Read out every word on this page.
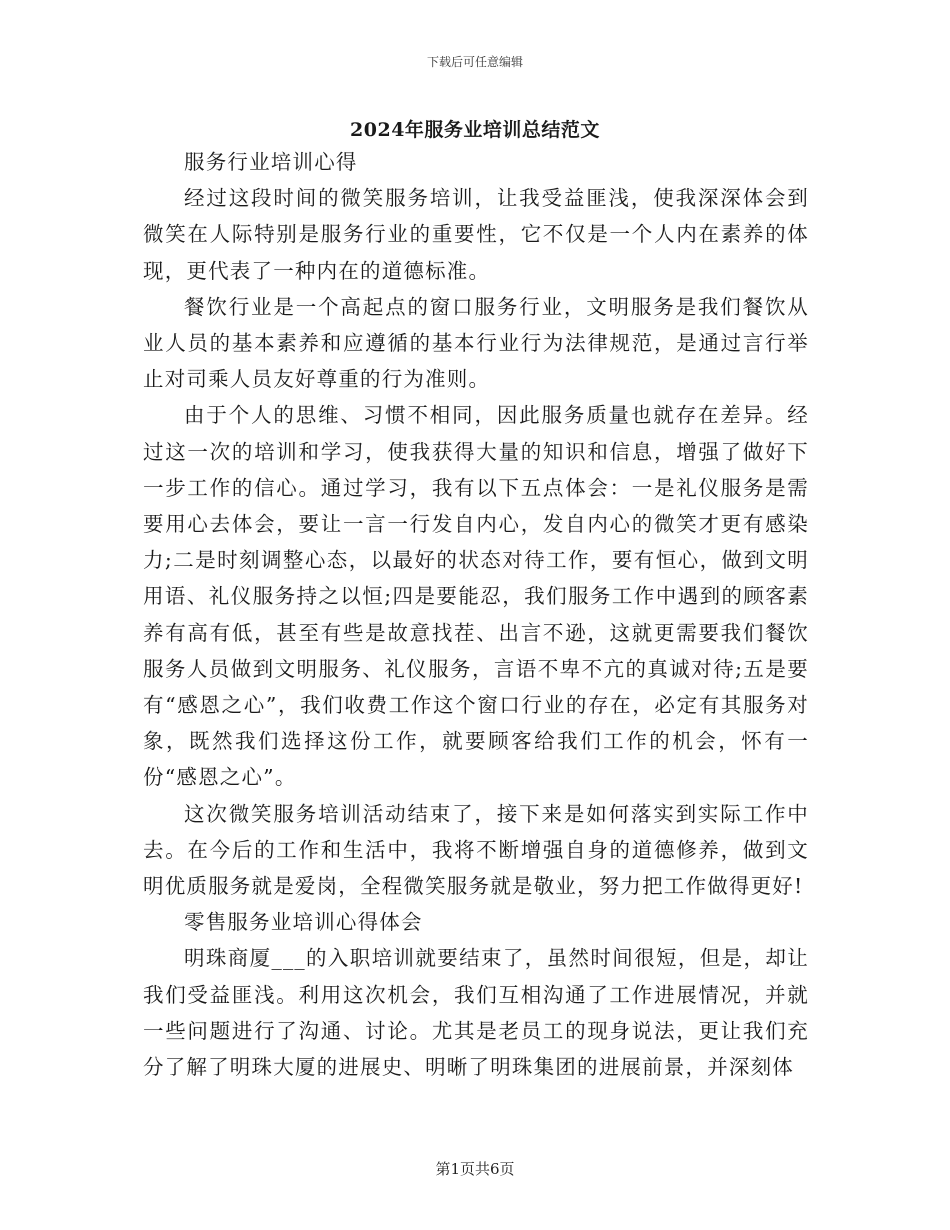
下载后可任意编辑
2024年服务业培训总结范文

服务行业培训心得

经过这段时间的微笑服务培训，让我受益匪浅，使我深深体会到微笑在人际特别是服务行业的重要性，它不仅是一个人内在素养的体现，更代表了一种内在的道德标准。

餐饮行业是一个高起点的窗口服务行业，文明服务是我们餐饮从业人员的基本素养和应遵循的基本行业行为法律规范，是通过言行举止对司乘人员友好尊重的行为准则。

由于个人的思维、习惯不相同，因此服务质量也就存在差异。经过这一次的培训和学习，使我获得大量的知识和信息，增强了做好下一步工作的信心。通过学习，我有以下五点体会：一是礼仪服务是需要用心去体会，要让一言一行发自内心，发自内心的微笑才更有感染力;二是时刻调整心态，以最好的状态对待工作，要有恒心，做到文明用语、礼仪服务持之以恒;四是要能忍，我们服务工作中遇到的顾客素养有高有低，甚至有些是故意找茬、出言不逊，这就更需要我们餐饮服务人员做到文明服务、礼仪服务，言语不卑不亢的真诚对待;五是要有“感恩之心”，我们收费工作这个窗口行业的存在，必定有其服务对象，既然我们选择这份工作，就要顾客给我们工作的机会，怀有一份“感恩之心”。

这次微笑服务培训活动结束了，接下来是如何落实到实际工作中去。在今后的工作和生活中，我将不断增强自身的道德修养，做到文明优质服务就是爱岗，全程微笑服务就是敬业，努力把工作做得更好!

零售服务业培训心得体会

明珠商厦___的入职培训就要结束了，虽然时间很短，但是，却让我们受益匪浅。利用这次机会，我们互相沟通了工作进展情况，并就一些问题进行了沟通、讨论。尤其是老员工的现身说法，更让我们充分了解了明珠大厦的进展史、明晰了明珠集团的进展前景，并深刻体

第1页共6页
